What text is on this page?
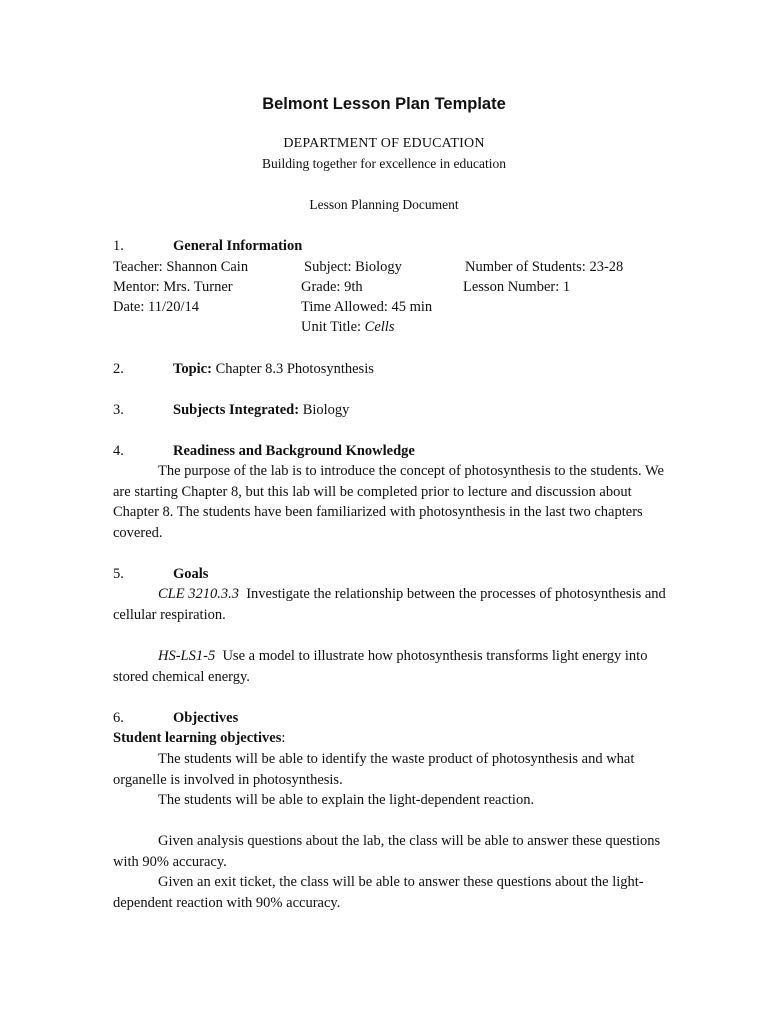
Belmont Lesson Plan Template
DEPARTMENT OF EDUCATION
Building together for excellence in education
Lesson Planning Document
1.	General Information
Teacher: Shannon Cain	Subject: Biology	Number of Students: 23-28
Mentor: Mrs. Turner	Grade: 9th	Lesson Number: 1
Date: 11/20/14	Time Allowed: 45 min
Unit Title: Cells
2.	Topic: Chapter 8.3 Photosynthesis
3.	Subjects Integrated: Biology
4.	Readiness and Background Knowledge
The purpose of the lab is to introduce the concept of photosynthesis to the students. We are starting Chapter 8, but this lab will be completed prior to lecture and discussion about Chapter 8. The students have been familiarized with photosynthesis in the last two chapters covered.
5.	Goals
CLE 3210.3.3 Investigate the relationship between the processes of photosynthesis and cellular respiration.
HS-LS1-5 Use a model to illustrate how photosynthesis transforms light energy into stored chemical energy.
6.	Objectives
Student learning objectives:
The students will be able to identify the waste product of photosynthesis and what organelle is involved in photosynthesis.
The students will be able to explain the light-dependent reaction.
Given analysis questions about the lab, the class will be able to answer these questions with 90% accuracy.
Given an exit ticket, the class will be able to answer these questions about the light-dependent reaction with 90% accuracy.
